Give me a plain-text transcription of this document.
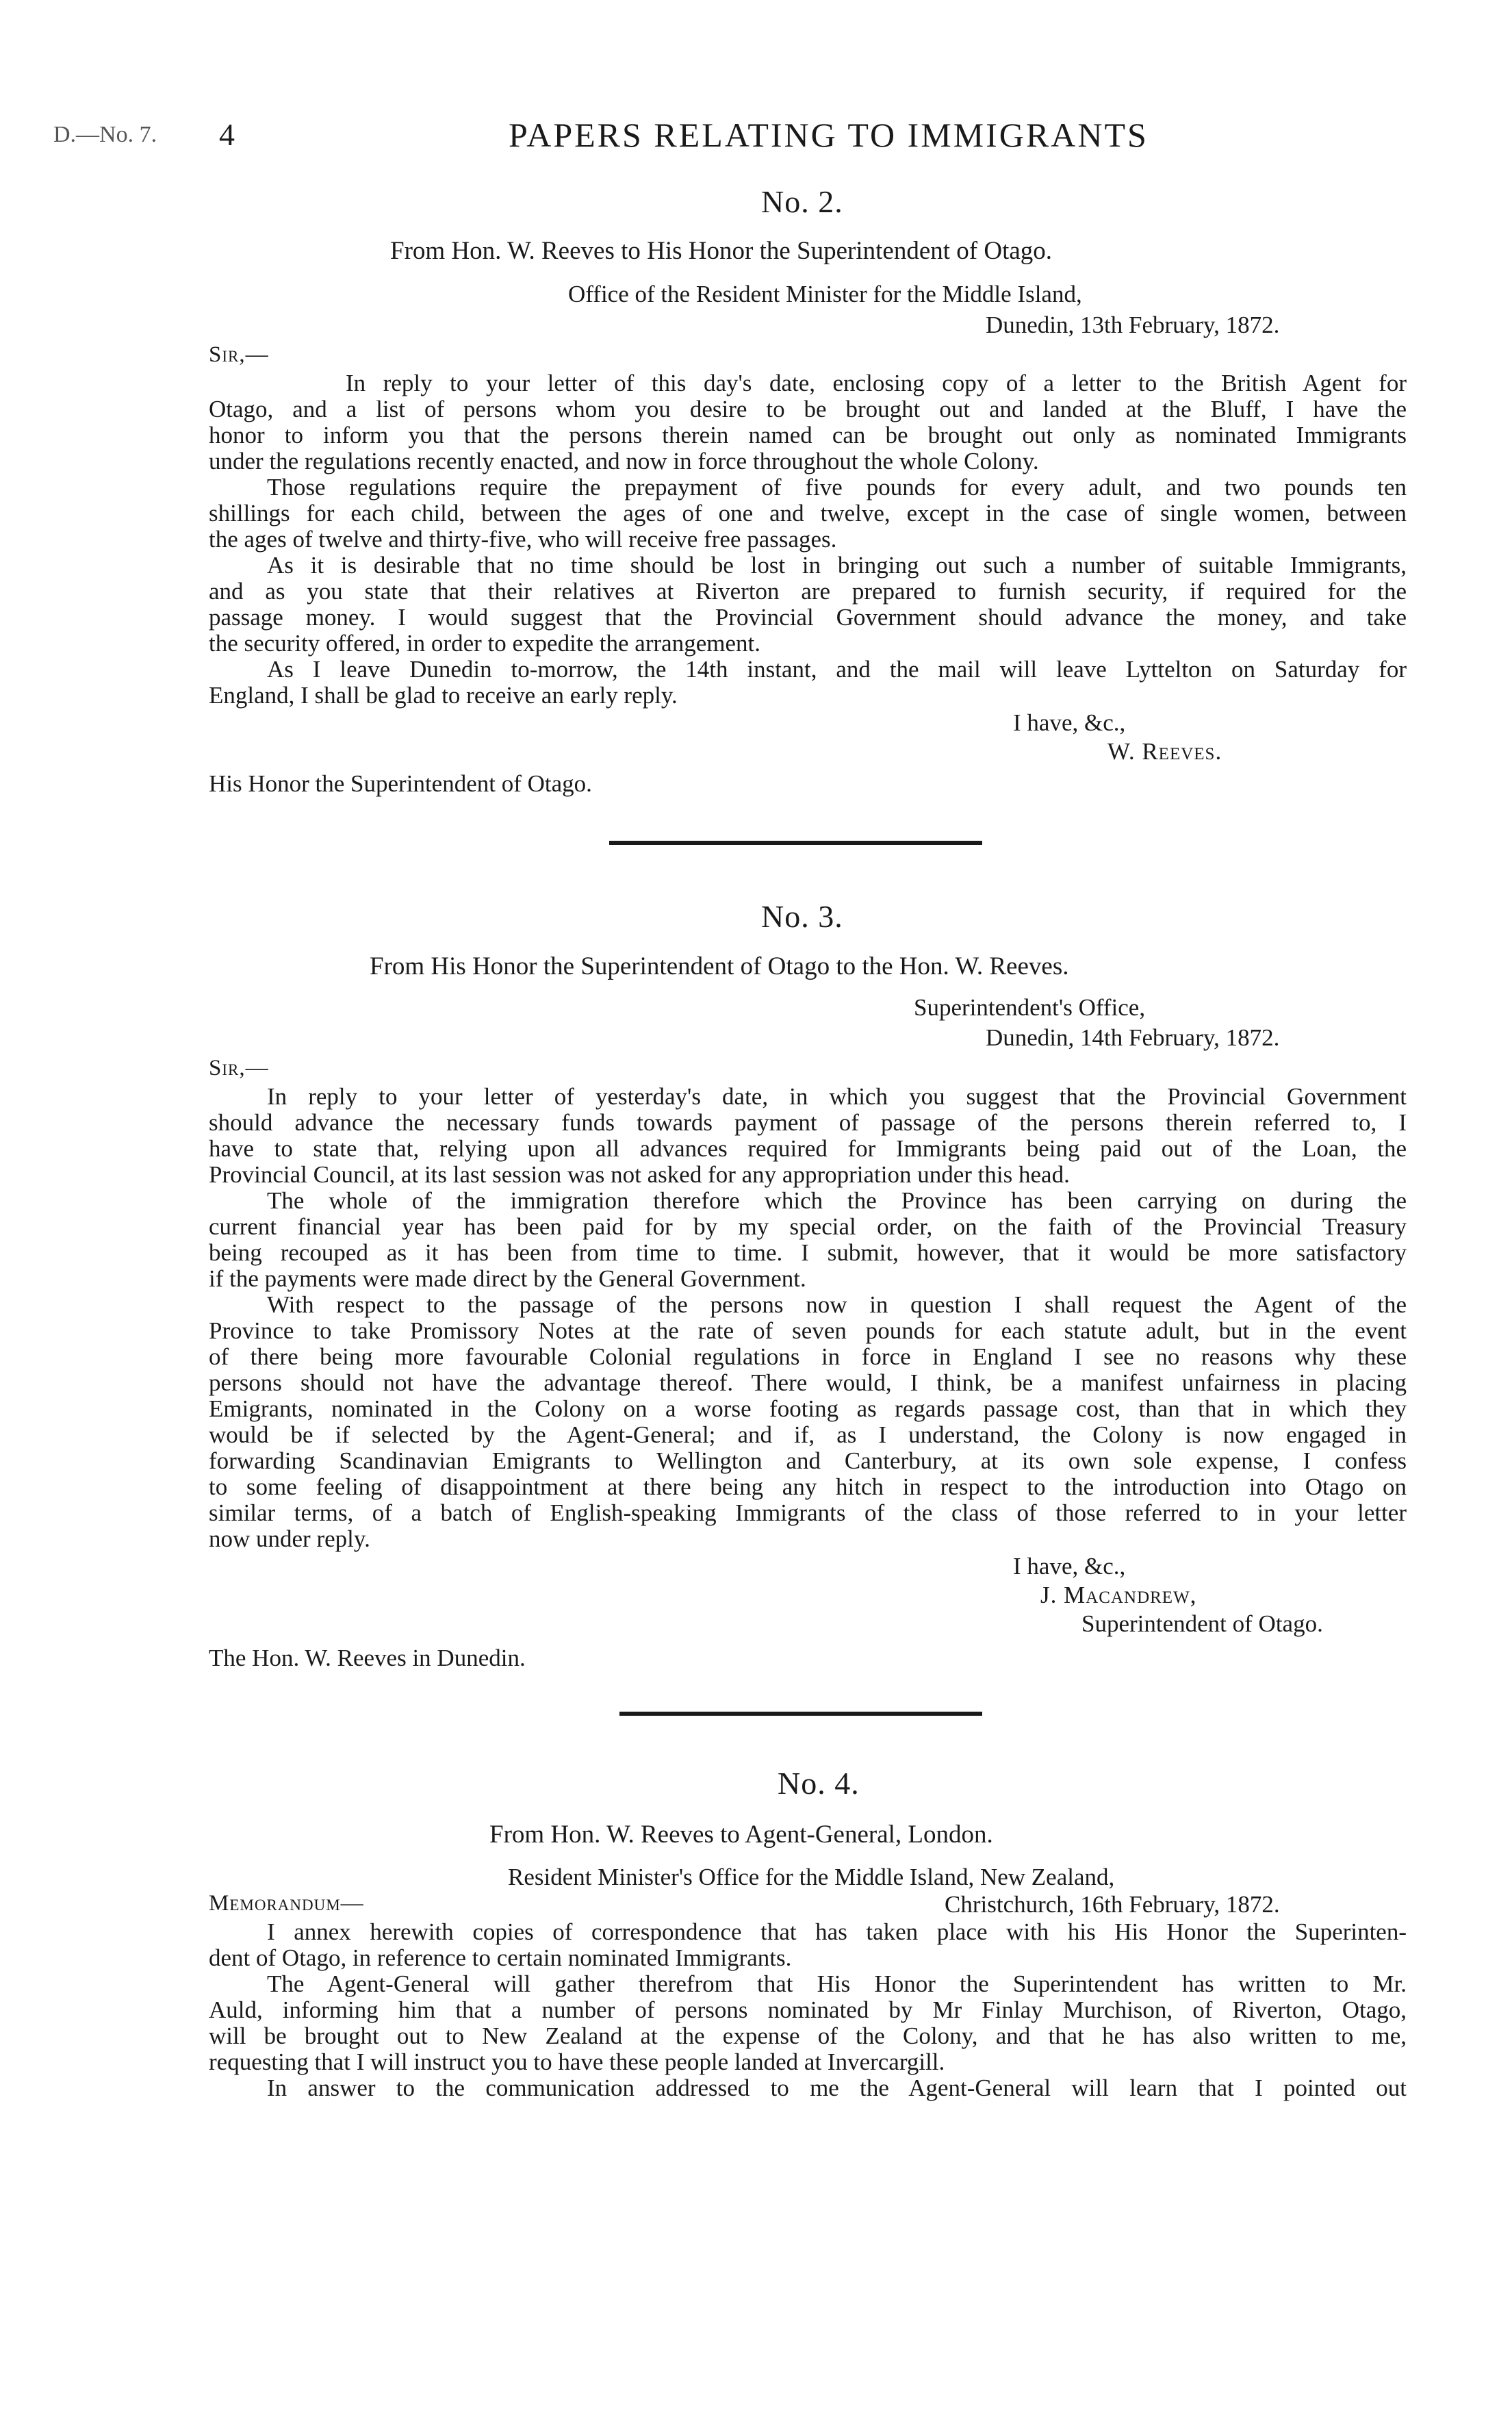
D.—No. 7. 4	PAPERS RELATING TO IMMIGRANTS
No. 2.
From Hon. W. Reeves to His Honor the Superintendent of Otago.
Office of the Resident Minister for the Middle Island,
Dunedin, 13th February, 1872.
Sir,—
In reply to your letter of this day's date, enclosing copy of a letter to the British Agent for
Otago, and a list of persons whom you desire to be brought out and landed at the Bluff, I have the
honor to inform you that the persons therein named can be brought out only as nominated Immigrants
under the regulations recently enacted, and now in force throughout the whole Colony.
Those regulations require the prepayment of five pounds for every adult, and two pounds ten
shillings for each child, between the ages of one and twelve, except in the case of single women, between
the ages of twelve and thirty-five, who will receive free passages.
As it is desirable that no time should be lost in bringing out such a number of suitable Immigrants,
and as you state that their relatives at Riverton are prepared to furnish security, if required for the
passage money. I would suggest that the Provincial Government should advance the money, and take
the security offered, in order to expedite the arrangement.
As I leave Dunedin to-morrow, the 14th instant, and the mail will leave Lyttelton on Saturday for
England, I shall be glad to receive an early reply.
I have, &c.,
W. Reeves.
His Honor the Superintendent of Otago.
No. 3.
From His Honor the Superintendent of Otago to the Hon. W. Reeves.
Superintendent's Office,
Dunedin, 14th February, 1872.
Sir,—
In reply to your letter of yesterday's date, in which you suggest that the Provincial Government
should advance the necessary funds towards payment of passage of the persons therein referred to, I
have to state that, relying upon all advances required for Immigrants being paid out of the Loan, the
Provincial Council, at its last session was not asked for any appropriation under this head.
The whole of the immigration therefore which the Province has been carrying on during the
current financial year has been paid for by my special order, on the faith of the Provincial Treasury
being recouped as it has been from time to time. I submit, however, that it would be more satisfactory
if the payments were made direct by the General Government.
With respect to the passage of the persons now in question I shall request the Agent of the
Province to take Promissory Notes at the rate of seven pounds for each statute adult, but in the event
of there being more favourable Colonial regulations in force in England I see no reasons why these
persons should not have the advantage thereof. There would, I think, be a manifest unfairness in placing
Emigrants, nominated in the Colony on a worse footing as regards passage cost, than that in which they
would be if selected by the Agent-General; and if, as I understand, the Colony is now engaged in
forwarding Scandinavian Emigrants to Wellington and Canterbury, at its own sole expense, I confess
to some feeling of disappointment at there being any hitch in respect to the introduction into Otago on
similar terms, of a batch of English-speaking Immigrants of the class of those referred to in your letter
now under reply.
I have, &c.,
J. Macandrew,
Superintendent of Otago.
The Hon. W. Reeves in Dunedin.
No. 4.
From Hon. W. Reeves to Agent-General, London.
Resident Minister's Office for the Middle Island, New Zealand,
Memorandum—	Christchurch, 16th February, 1872.
I annex herewith copies of correspondence that has taken place with his His Honor the Superinten-
dent of Otago, in reference to certain nominated Immigrants.
The Agent-General will gather therefrom that His Honor the Superintendent has written to Mr.
Auld, informing him that a number of persons nominated by Mr Finlay Murchison, of Riverton, Otago,
will be brought out to New Zealand at the expense of the Colony, and that he has also written to me,
requesting that I will instruct you to have these people landed at Invercargill.
In answer to the communication addressed to me the Agent-General will learn that I pointed out
